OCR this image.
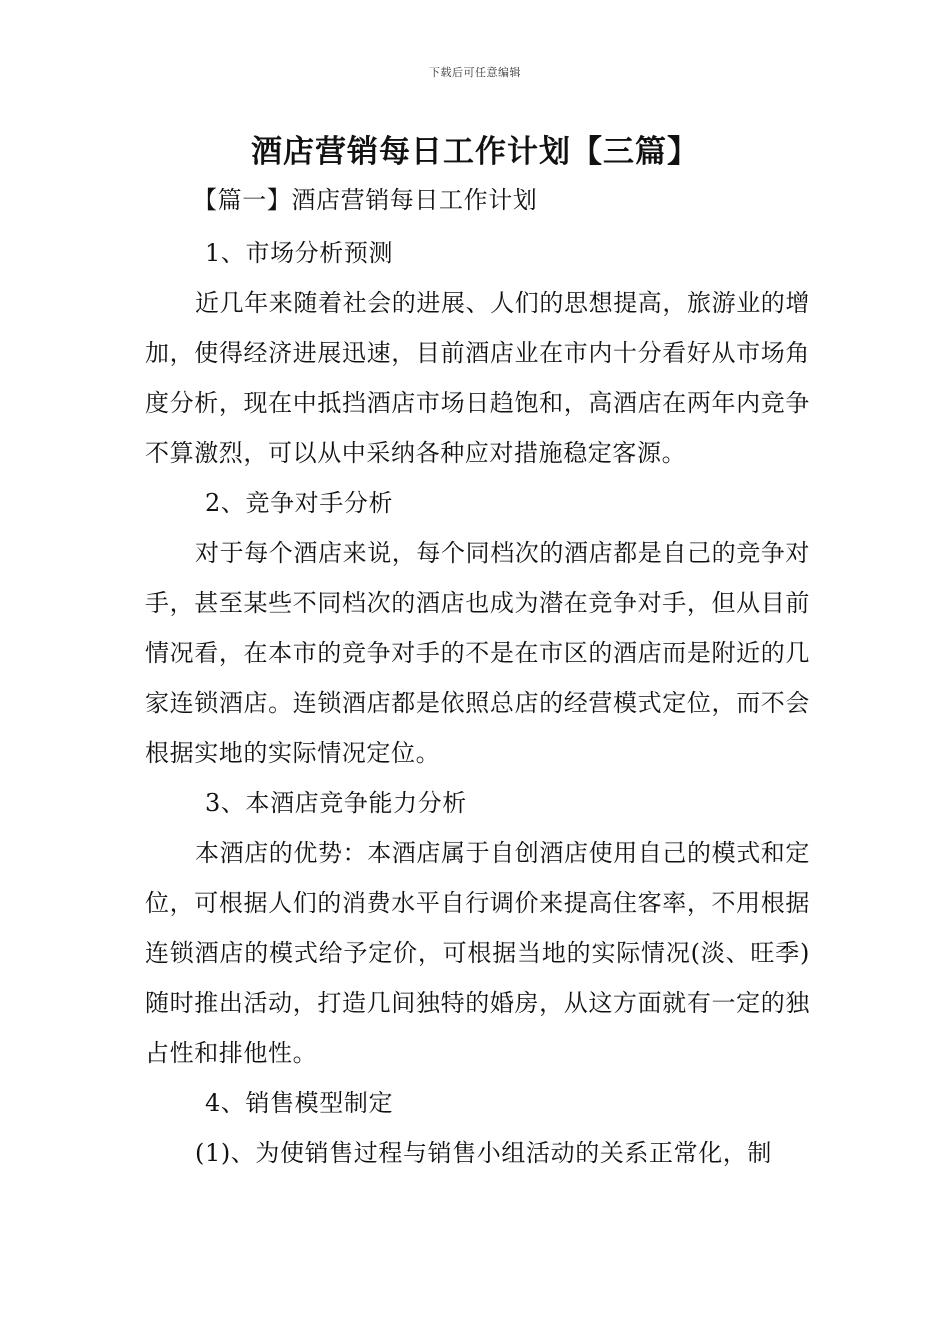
下载后可任意编辑
酒店营销每日工作计划【三篇】

【篇一】酒店营销每日工作计划

1、市场分析预测

近几年来随着社会的进展、人们的思想提高，旅游业的增加，使得经济进展迅速，目前酒店业在市内十分看好从市场角度分析，现在中抵挡酒店市场日趋饱和，高酒店在两年内竞争不算激烈，可以从中采纳各种应对措施稳定客源。

2、竞争对手分析

对于每个酒店来说，每个同档次的酒店都是自己的竞争对手，甚至某些不同档次的酒店也成为潜在竞争对手，但从目前情况看，在本市的竞争对手的不是在市区的酒店而是附近的几家连锁酒店。连锁酒店都是依照总店的经营模式定位，而不会根据实地的实际情况定位。

3、本酒店竞争能力分析

本酒店的优势：本酒店属于自创酒店使用自己的模式和定位，可根据人们的消费水平自行调价来提高住客率，不用根据连锁酒店的模式给予定价，可根据当地的实际情况(淡、旺季)随时推出活动，打造几间独特的婚房，从这方面就有一定的独占性和排他性。

4、销售模型制定

(1)、为使销售过程与销售小组活动的关系正常化，制
